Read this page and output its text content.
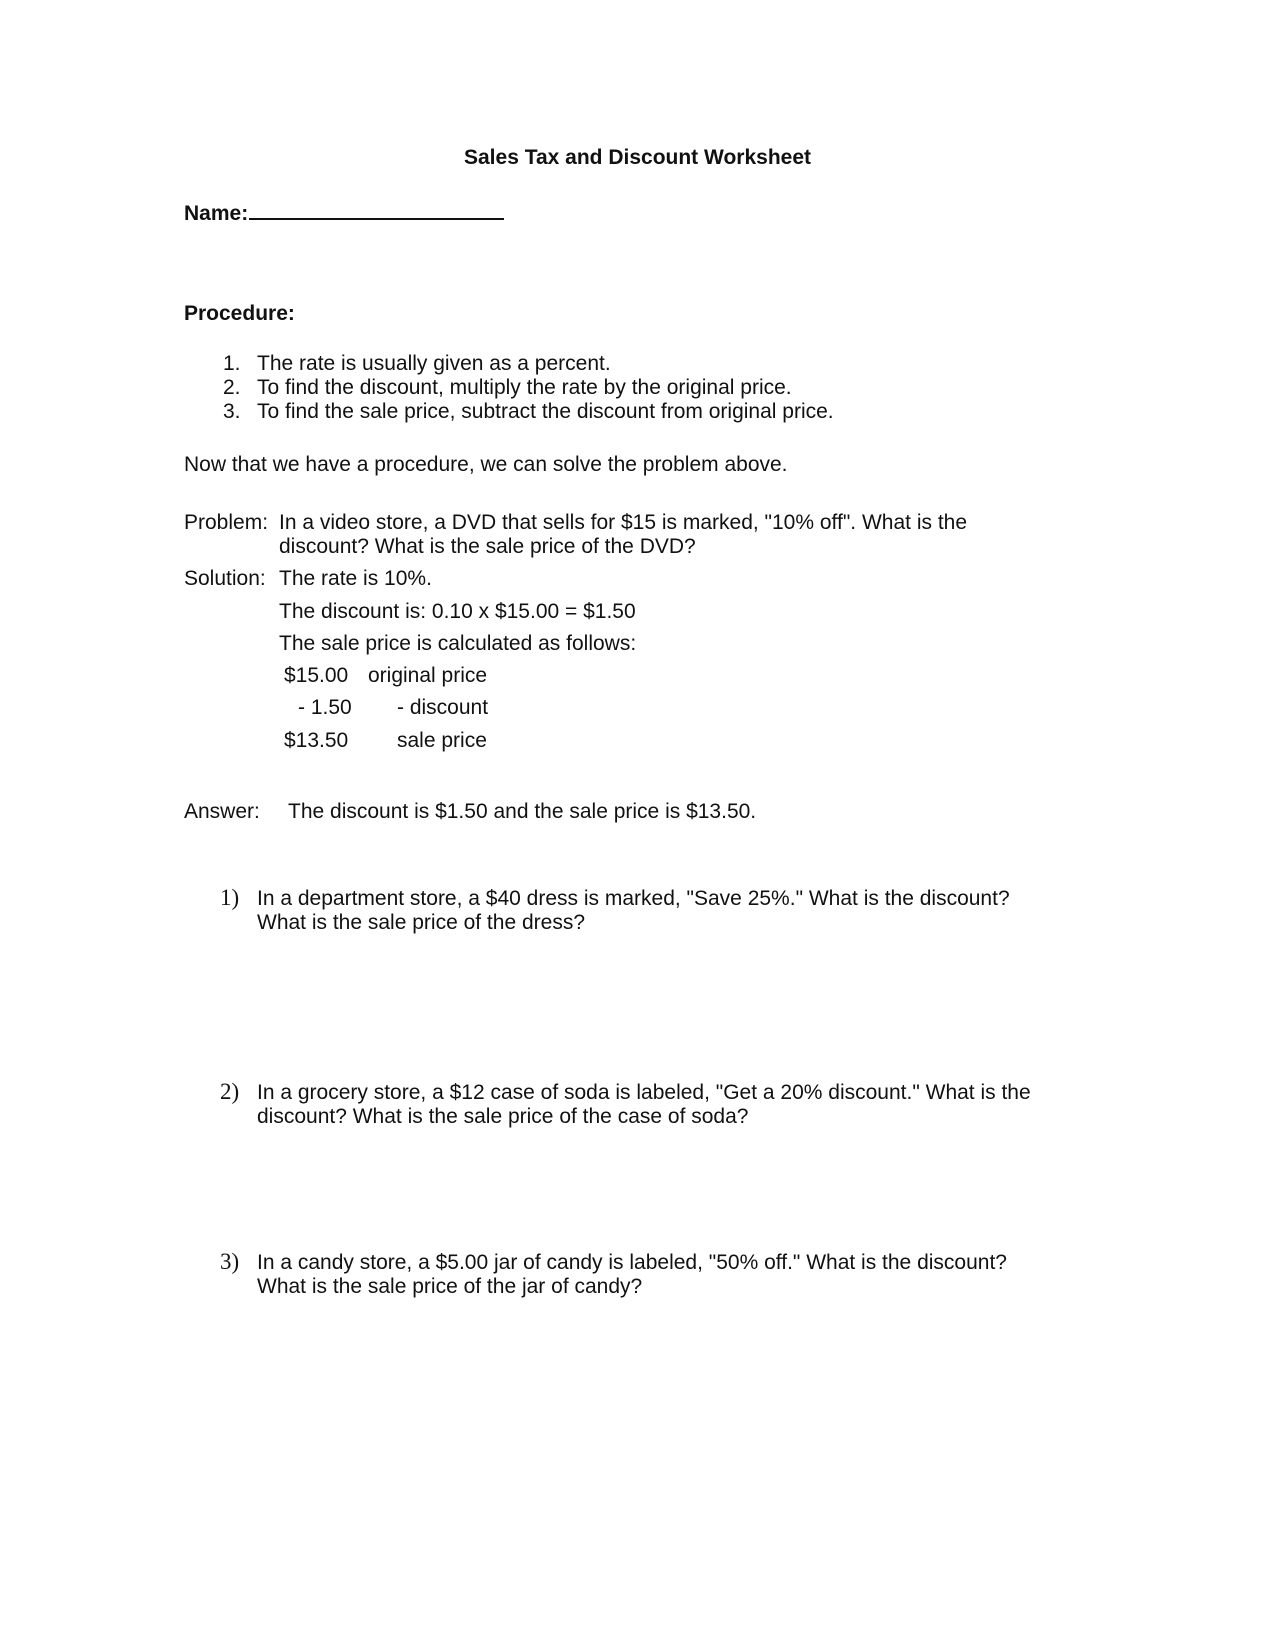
Sales Tax and Discount Worksheet
Name:
Procedure:
1. The rate is usually given as a percent.
2. To find the discount, multiply the rate by the original price.
3. To find the sale price, subtract the discount from original price.
Now that we have a procedure, we can solve the problem above.
Problem: In a video store, a DVD that sells for $15 is marked, "10% off". What is the
discount? What is the sale price of the DVD?
Solution: The rate is 10%.
The discount is: 0.10 x $15.00 = $1.50
The sale price is calculated as follows:
$15.00 original price
- 1.50 - discount
$13.50 sale price
Answer: The discount is $1.50 and the sale price is $13.50.
1) In a department store, a $40 dress is marked, "Save 25%." What is the discount?
What is the sale price of the dress?
2) In a grocery store, a $12 case of soda is labeled, "Get a 20% discount." What is the
discount? What is the sale price of the case of soda?
3) In a candy store, a $5.00 jar of candy is labeled, "50% off." What is the discount?
What is the sale price of the jar of candy?
